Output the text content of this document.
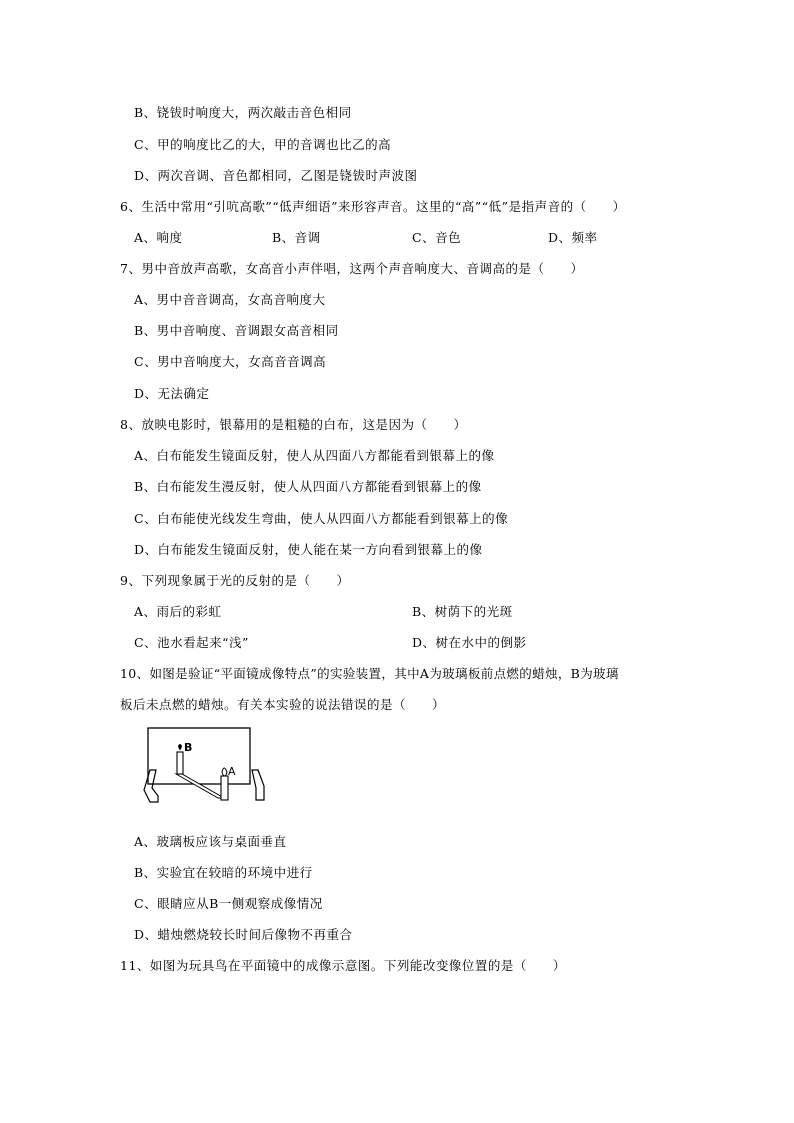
B、铙钹时响度大，两次敲击音色相同
C、甲的响度比乙的大，甲的音调也比乙的高
D、两次音调、音色都相同，乙图是铙钹时声波图
6、生活中常用“引吭高歌”“低声细语”来形容声音。这里的“高”“低”是指声音的（　　）
A、响度	B、音调	C、音色	D、频率
7、男中音放声高歌，女高音小声伴唱，这两个声音响度大、音调高的是（　　）
A、男中音音调高，女高音响度大
B、男中音响度、音调跟女高音相同
C、男中音响度大，女高音音调高
D、无法确定
8、放映电影时，银幕用的是粗糙的白布，这是因为（　　）
A、白布能发生镜面反射，使人从四面八方都能看到银幕上的像
B、白布能发生漫反射，使人从四面八方都能看到银幕上的像
C、白布能使光线发生弯曲，使人从四面八方都能看到银幕上的像
D、白布能发生镜面反射，使人能在某一方向看到银幕上的像
9、下列现象属于光的反射的是（　　）
A、雨后的彩虹	B、树荫下的光斑
C、池水看起来“浅”	D、树在水中的倒影
10、如图是验证“平面镜成像特点”的实验装置，其中A为玻璃板前点燃的蜡烛，B为玻璃
板后未点燃的蜡烛。有关本实验的说法错误的是（　　）
B
A
A、玻璃板应该与桌面垂直
B、实验宜在较暗的环境中进行
C、眼睛应从B一侧观察成像情况
D、蜡烛燃烧较长时间后像物不再重合
11、如图为玩具鸟在平面镜中的成像示意图。下列能改变像位置的是（　　）
